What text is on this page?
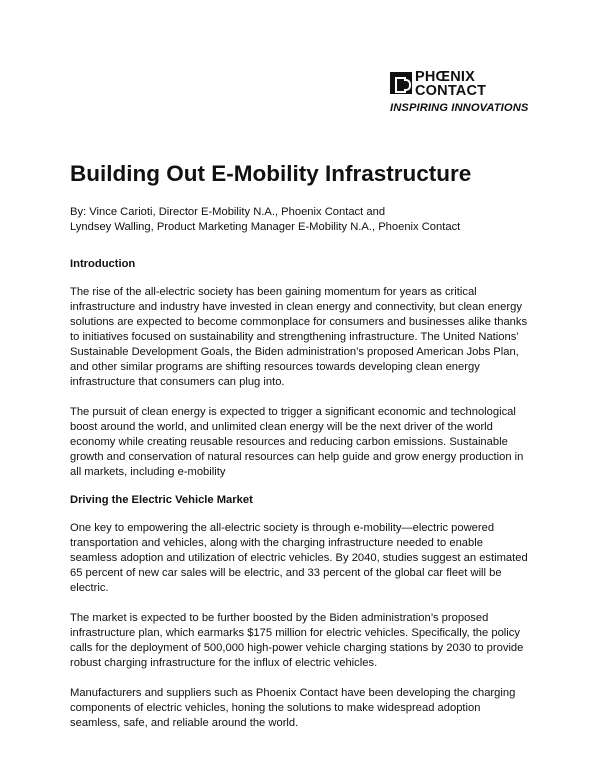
PHŒNIX
CONTACT
INSPIRING INNOVATIONS
Building Out E-Mobility Infrastructure
By: Vince Carioti, Director E-Mobility N.A., Phoenix Contact and
Lyndsey Walling, Product Marketing Manager E-Mobility N.A., Phoenix Contact
Introduction

The rise of the all-electric society has been gaining momentum for years as critical infrastructure and industry have invested in clean energy and connectivity, but clean energy solutions are expected to become commonplace for consumers and businesses alike thanks to initiatives focused on sustainability and strengthening infrastructure. The United Nations’ Sustainable Development Goals, the Biden administration’s proposed American Jobs Plan, and other similar programs are shifting resources towards developing clean energy infrastructure that consumers can plug into.

The pursuit of clean energy is expected to trigger a significant economic and technological boost around the world, and unlimited clean energy will be the next driver of the world economy while creating reusable resources and reducing carbon emissions. Sustainable growth and conservation of natural resources can help guide and grow energy production in all markets, including e-mobility

Driving the Electric Vehicle Market

One key to empowering the all-electric society is through e-mobility—electric powered transportation and vehicles, along with the charging infrastructure needed to enable seamless adoption and utilization of electric vehicles. By 2040, studies suggest an estimated 65 percent of new car sales will be electric, and 33 percent of the global car fleet will be electric.

The market is expected to be further boosted by the Biden administration’s proposed infrastructure plan, which earmarks $175 million for electric vehicles. Specifically, the policy calls for the deployment of 500,000 high-power vehicle charging stations by 2030 to provide robust charging infrastructure for the influx of electric vehicles.

Manufacturers and suppliers such as Phoenix Contact have been developing the charging components of electric vehicles, honing the solutions to make widespread adoption seamless, safe, and reliable around the world.
